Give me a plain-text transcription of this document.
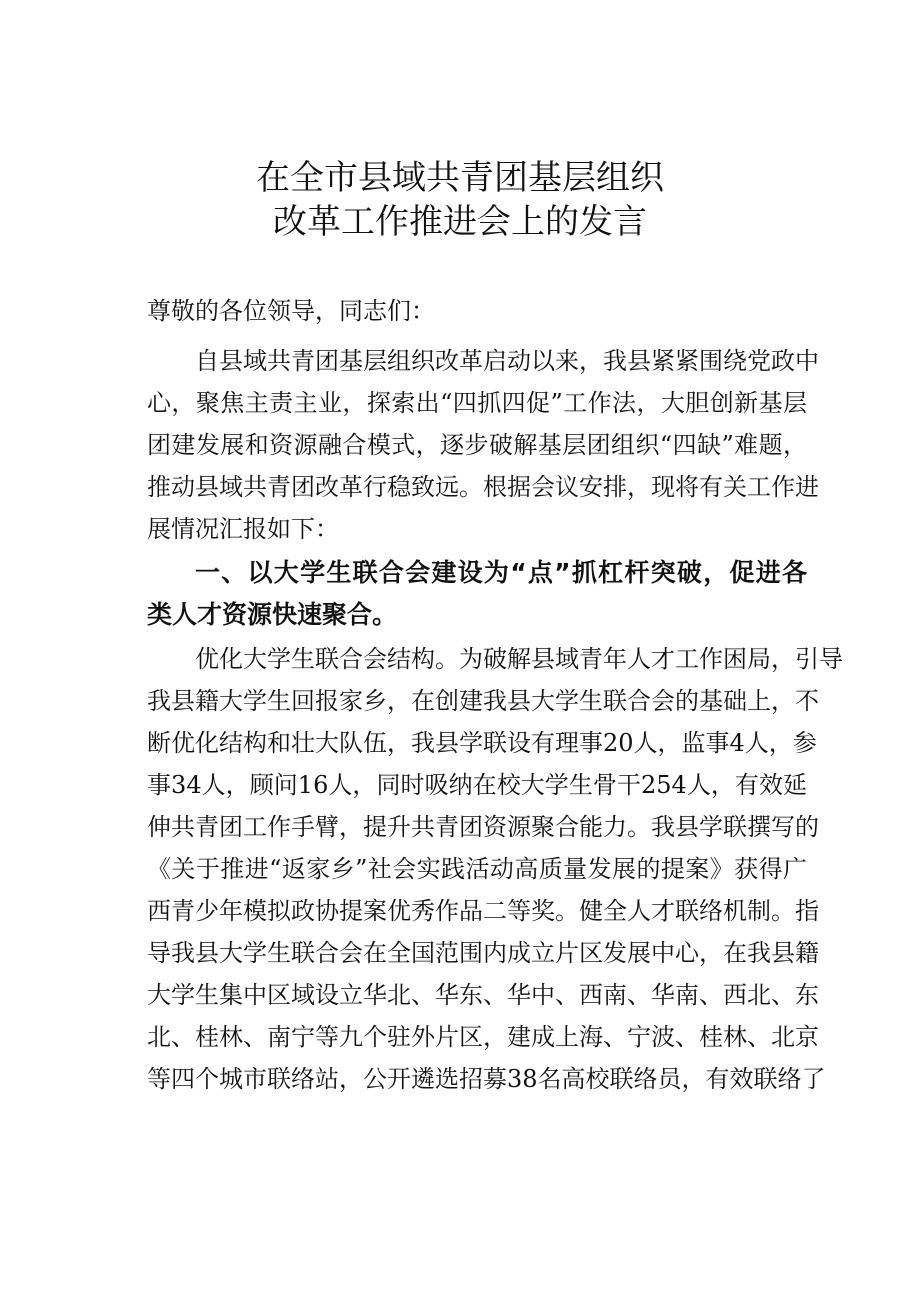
在全市县域共青团基层组织
改革工作推进会上的发言
尊敬的各位领导，同志们：
自县域共青团基层组织改革启动以来，我县紧紧围绕党政中
心，聚焦主责主业，探索出“四抓四促”工作法，大胆创新基层
团建发展和资源融合模式，逐步破解基层团组织“四缺”难题，
推动县域共青团改革行稳致远。根据会议安排，现将有关工作进
展情况汇报如下：
一、以大学生联合会建设为“点”抓杠杆突破，促进各
类人才资源快速聚合。
优化大学生联合会结构。为破解县域青年人才工作困局，引导
我县籍大学生回报家乡，在创建我县大学生联合会的基础上，不
断优化结构和壮大队伍，我县学联设有理事20人，监事4人，参
事34人，顾问16人，同时吸纳在校大学生骨干254人，有效延
伸共青团工作手臂，提升共青团资源聚合能力。我县学联撰写的
《关于推进“返家乡”社会实践活动高质量发展的提案》获得广
西青少年模拟政协提案优秀作品二等奖。健全人才联络机制。指
导我县大学生联合会在全国范围内成立片区发展中心，在我县籍
大学生集中区域设立华北、华东、华中、西南、华南、西北、东
北、桂林、南宁等九个驻外片区，建成上海、宁波、桂林、北京
等四个城市联络站，公开遴选招募38名高校联络员，有效联络了
